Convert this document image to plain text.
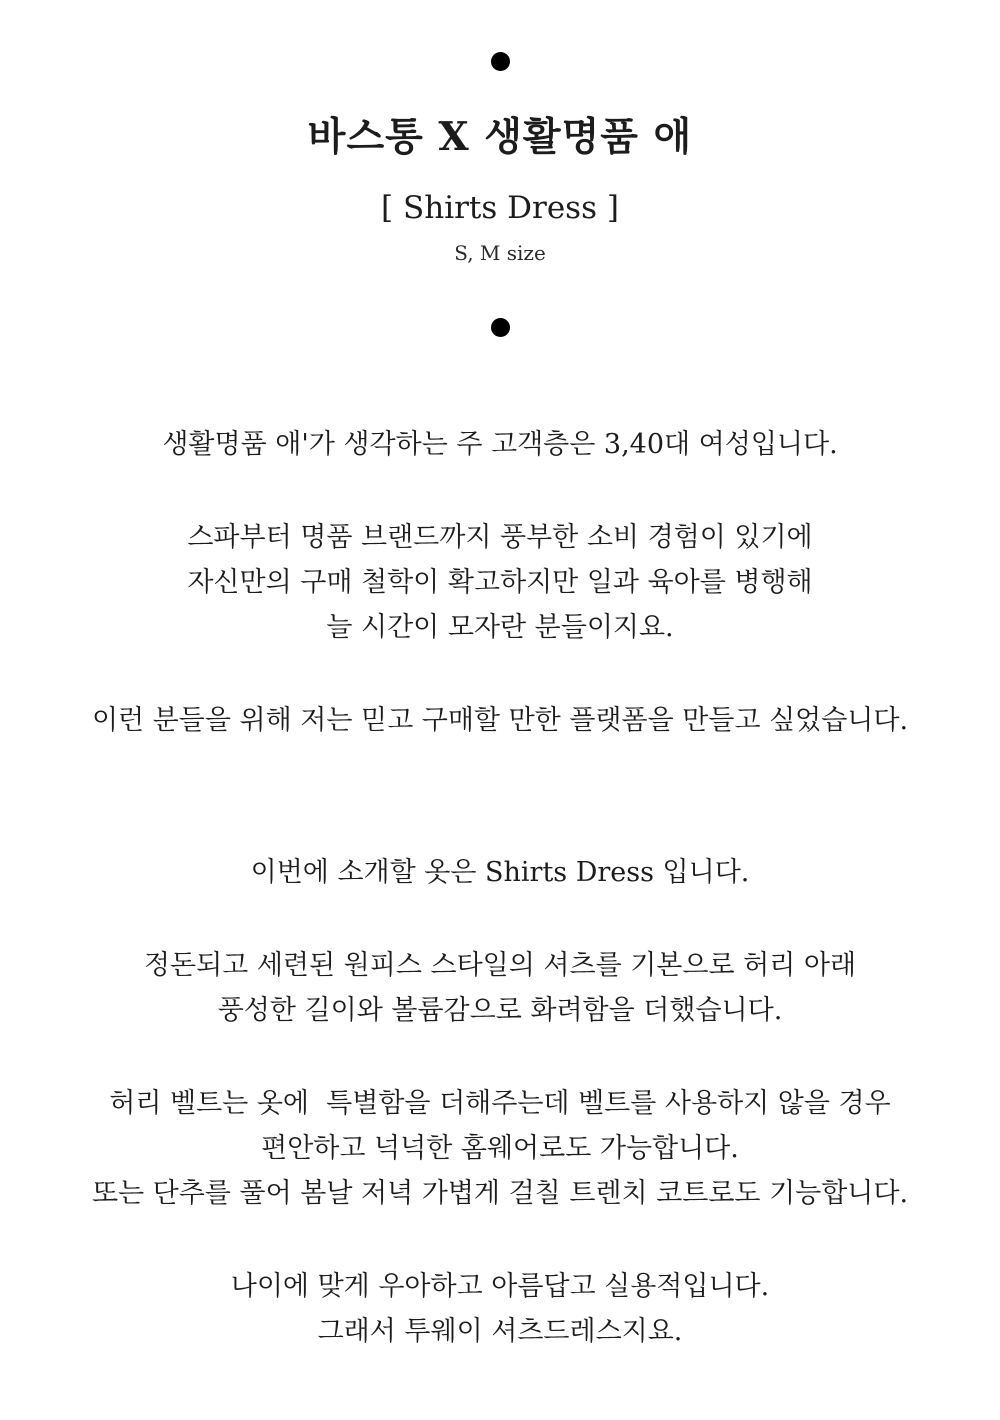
바스통 X 생활명품 애
[ Shirts Dress ]
S, M size

생활명품 애'가 생각하는 주 고객층은 3,40대 여성입니다.

스파부터 명품 브랜드까지 풍부한 소비 경험이 있기에
자신만의 구매 철학이 확고하지만 일과 육아를 병행해
늘 시간이 모자란 분들이지요.

이런 분들을 위해 저는 믿고 구매할 만한 플랫폼을 만들고 싶었습니다.

이번에 소개할 옷은 Shirts Dress 입니다.

정돈되고 세련된 원피스 스타일의 셔츠를 기본으로 허리 아래
풍성한 길이와 볼륨감으로 화려함을 더했습니다.

허리 벨트는 옷에  특별함을 더해주는데 벨트를 사용하지 않을 경우
편안하고 넉넉한 홈웨어로도 가능합니다.
또는 단추를 풀어 봄날 저녁 가볍게 걸칠 트렌치 코트로도 기능합니다.

나이에 맞게 우아하고 아름답고 실용적입니다.
그래서 투웨이 셔츠드레스지요.
